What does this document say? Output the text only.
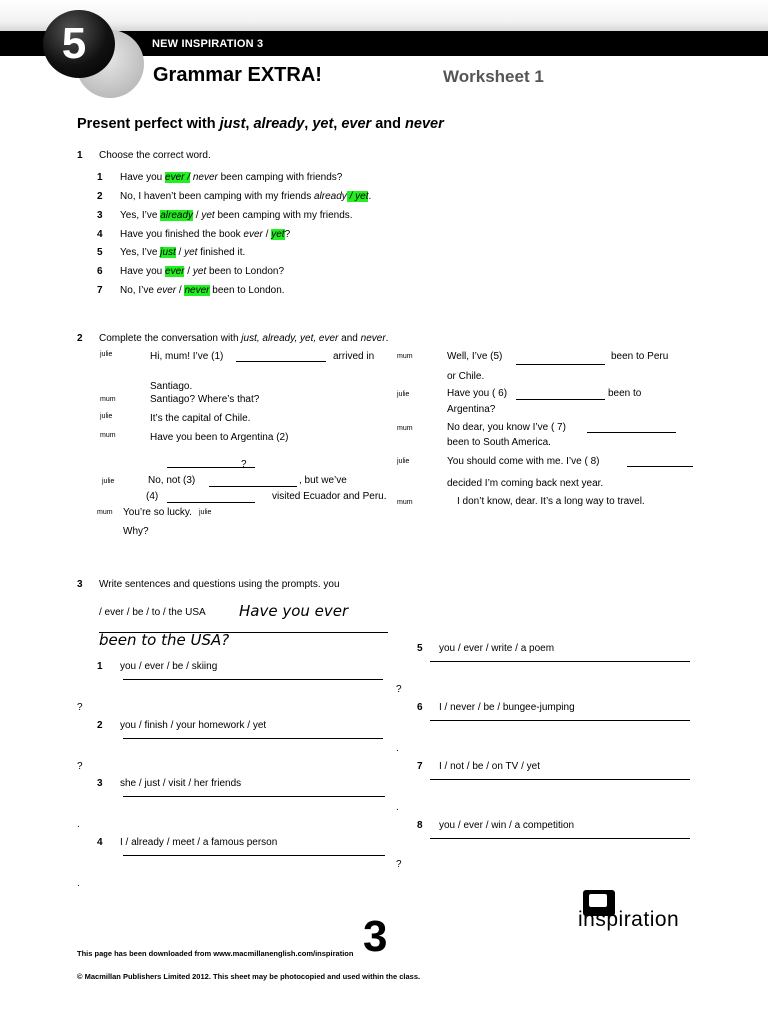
NEW INSPIRATION 3
5
Grammar EXTRA!	Worksheet 1
Present perfect with just, already, yet, ever and never
1 Choose the correct word.
1 Have you ever / never been camping with friends?
2 No, I haven’t been camping with my friends already / yet.
3 Yes, I’ve already / yet been camping with my friends.
4 Have you finished the book ever / yet?
5 Yes, I’ve just / yet finished it.
6 Have you ever / yet been to London?
7 No, I’ve ever / never been to London.
2 Complete the conversation with just, already, yet, ever and never.
julie	Hi, mum! I’ve (1)	arrived in
Santiago.
mum	Santiago? Where’s that?
julie	It’s the capital of Chile.
mum	Have you been to Argentina (2)
?
julie	No, not (3)	, but we’ve
(4)	visited Ecuador and Peru.
mum You’re so lucky. julie
Why?
mum	Well, I’ve (5)	been to Peru
or Chile.
julie	Have you ( 6)	been to
Argentina?
mum	No dear, you know I’ve ( 7)
been to South America.
julie	You should come with me. I’ve ( 8)
decided I’m coming back next year.
mum	I don’t know, dear. It’s a long way to travel.
3 Write sentences and questions using the prompts. you
/ ever / be / to / the USA Have you ever
been to the USA?
1 you / ever / be / skiing
?
2 you / finish / your homework / yet
?
3 she / just / visit / her friends
.
4 I / already / meet / a famous person
.
5 you / ever / write / a poem
?
6 I / never / be / bungee-jumping
.
7 I / not / be / on TV / yet
.
8 you / ever / win / a competition
?
3	inspiration
This page has been downloaded from www.macmillanenglish.com/inspiration
© Macmillan Publishers Limited 2012. This sheet may be photocopied and used within the class.
